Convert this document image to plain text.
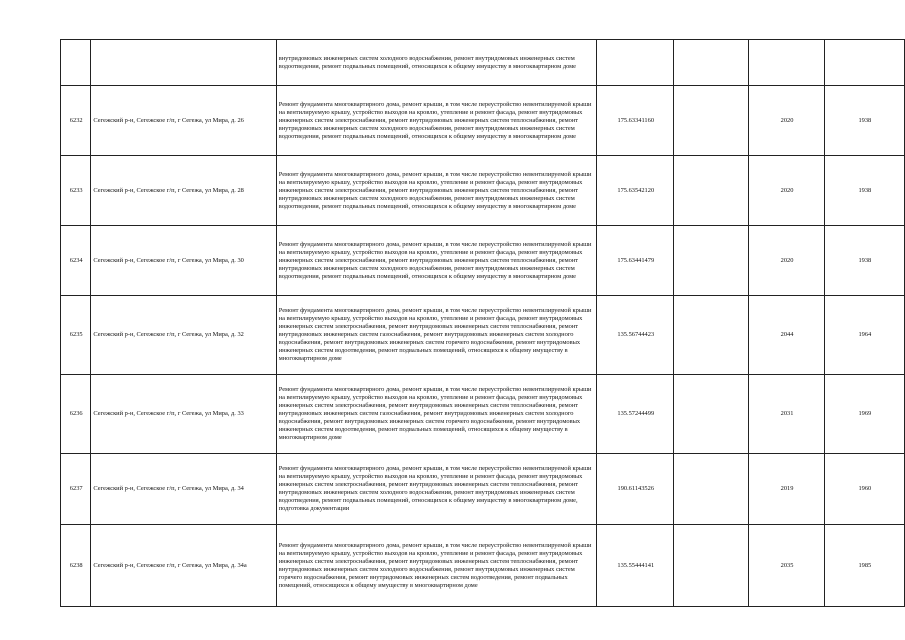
		внутридомовых инженерных систем холодного водоснабжения, ремонт внутридомовых инженерных систем водоотведения, ремонт подвальных помещений, относящихся к общему имуществу в многоквартирном доме				
6232	Сегежский р-н, Сегежское г/п, г Сегежа, ул Мира, д. 26	Ремонт фундамента многоквартирного дома, ремонт крыши, в том числе переустройство невентилируемой крыши на вентилируемую крышу, устройство выходов на кровлю, утепление и ремонт фасада, ремонт внутридомовых инженерных систем электроснабжения, ремонт внутридомовых инженерных систем теплоснабжения, ремонт внутридомовых инженерных систем холодного водоснабжения, ремонт внутридомовых инженерных систем водоотведения, ремонт подвальных помещений, относящихся к общему имуществу в многоквартирном доме	175.63341160		2020	1938
6233	Сегежский р-н, Сегежское г/п, г Сегежа, ул Мира, д. 28	Ремонт фундамента многоквартирного дома, ремонт крыши, в том числе переустройство невентилируемой крыши на вентилируемую крышу, устройство выходов на кровлю, утепление и ремонт фасада, ремонт внутридомовых инженерных систем электроснабжения, ремонт внутридомовых инженерных систем теплоснабжения, ремонт внутридомовых инженерных систем холодного водоснабжения, ремонт внутридомовых инженерных систем водоотведения, ремонт подвальных помещений, относящихся к общему имуществу в многоквартирном доме	175.63542120		2020	1938
6234	Сегежский р-н, Сегежское г/п, г Сегежа, ул Мира, д. 30	Ремонт фундамента многоквартирного дома, ремонт крыши, в том числе переустройство невентилируемой крыши на вентилируемую крышу, устройство выходов на кровлю, утепление и ремонт фасада, ремонт внутридомовых инженерных систем электроснабжения, ремонт внутридомовых инженерных систем теплоснабжения, ремонт внутридомовых инженерных систем холодного водоснабжения, ремонт внутридомовых инженерных систем водоотведения, ремонт подвальных помещений, относящихся к общему имуществу в многоквартирном доме	175.63441479		2020	1938
6235	Сегежский р-н, Сегежское г/п, г Сегежа, ул Мира, д. 32	Ремонт фундамента многоквартирного дома, ремонт крыши, в том числе переустройство невентилируемой крыши на вентилируемую крышу, устройство выходов на кровлю, утепление и ремонт фасада, ремонт внутридомовых инженерных систем электроснабжения, ремонт внутридомовых инженерных систем теплоснабжения, ремонт внутридомовых инженерных систем газоснабжения, ремонт внутридомовых инженерных систем холодного водоснабжения, ремонт внутридомовых инженерных систем горячего водоснабжения, ремонт внутридомовых инженерных систем водоотведения, ремонт подвальных помещений, относящихся к общему имуществу в многоквартирном доме	135.56744423		2044	1964
6236	Сегежский р-н, Сегежское г/п, г Сегежа, ул Мира, д. 33	Ремонт фундамента многоквартирного дома, ремонт крыши, в том числе переустройство невентилируемой крыши на вентилируемую крышу, устройство выходов на кровлю, утепление и ремонт фасада, ремонт внутридомовых инженерных систем электроснабжения, ремонт внутридомовых инженерных систем теплоснабжения, ремонт внутридомовых инженерных систем газоснабжения, ремонт внутридомовых инженерных систем холодного водоснабжения, ремонт внутридомовых инженерных систем горячего водоснабжения, ремонт внутридомовых инженерных систем водоотведения, ремонт подвальных помещений, относящихся к общему имуществу в многоквартирном доме	135.57244499		2031	1969
6237	Сегежский р-н, Сегежское г/п, г Сегежа, ул Мира, д. 34	Ремонт фундамента многоквартирного дома, ремонт крыши, в том числе переустройство невентилируемой крыши на вентилируемую крышу, устройство выходов на кровлю, утепление и ремонт фасада, ремонт внутридомовых инженерных систем электроснабжения, ремонт внутридомовых инженерных систем теплоснабжения, ремонт внутридомовых инженерных систем холодного водоснабжения, ремонт внутридомовых инженерных систем водоотведения, ремонт подвальных помещений, относящихся к общему имуществу в многоквартирном доме, подготовка документации	190.61143526		2019	1960
6238	Сегежский р-н, Сегежское г/п, г Сегежа, ул Мира, д. 34а	Ремонт фундамента многоквартирного дома, ремонт крыши, в том числе переустройство невентилируемой крыши на вентилируемую крышу, устройство выходов на кровлю, утепление и ремонт фасада, ремонт внутридомовых инженерных систем электроснабжения, ремонт внутридомовых инженерных систем теплоснабжения, ремонт внутридомовых инженерных систем холодного водоснабжения, ремонт внутридомовых инженерных систем горячего водоснабжения, ремонт внутридомовых инженерных систем водоотведения, ремонт подвальных помещений, относящихся к общему имуществу в многоквартирном доме	135.55444141		2035	1985
